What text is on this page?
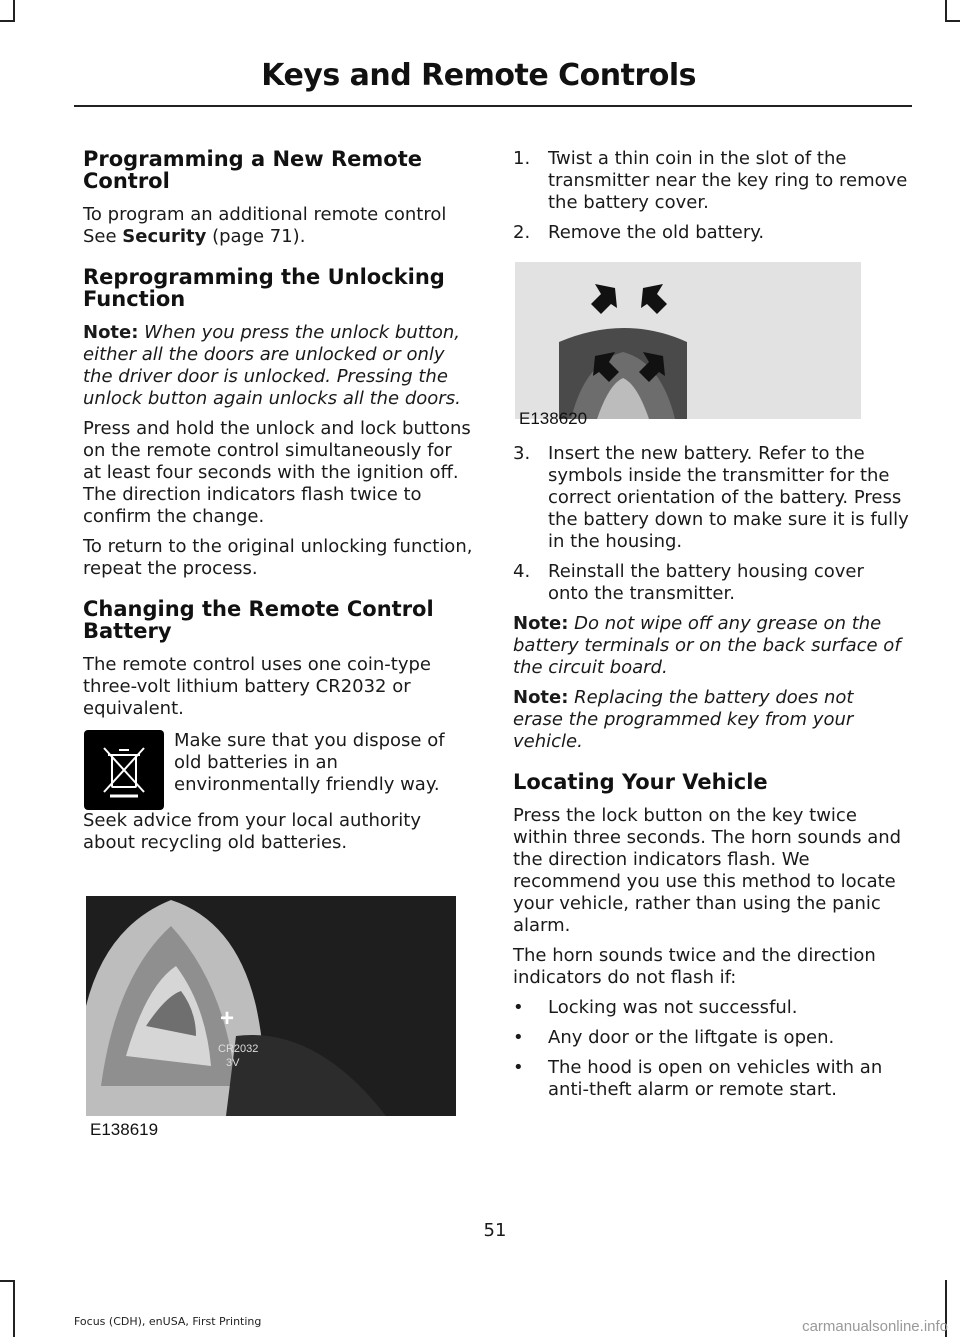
Keys and Remote Controls
Programming a New Remote Control

To program an additional remote control See Security (page 71).

Reprogramming the Unlocking Function

Note: When you press the unlock button, either all the doors are unlocked or only the driver door is unlocked. Pressing the unlock button again unlocks all the doors.

Press and hold the unlock and lock buttons on the remote control simultaneously for at least four seconds with the ignition off. The direction indicators flash twice to confirm the change.

To return to the original unlocking function, repeat the process.

Changing the Remote Control Battery

The remote control uses one coin-type three-volt lithium battery CR2032 or equivalent.

Make sure that you dispose of old batteries in an environmentally friendly way.

Seek advice from your local authority about recycling old batteries.

+
CR2032
3V
E138619
1. Twist a thin coin in the slot of the transmitter near the key ring to remove the battery cover.
2. Remove the old battery.
E138620
3. Insert the new battery. Refer to the symbols inside the transmitter for the correct orientation of the battery. Press the battery down to make sure it is fully in the housing.
4. Reinstall the battery housing cover onto the transmitter.

Note: Do not wipe off any grease on the battery terminals or on the back surface of the circuit board.

Note: Replacing the battery does not erase the programmed key from your vehicle.

Locating Your Vehicle

Press the lock button on the key twice within three seconds. The horn sounds and the direction indicators flash. We recommend you use this method to locate your vehicle, rather than using the panic alarm.

The horn sounds twice and the direction indicators do not flash if:

•	Locking was not successful.
•	Any door or the liftgate is open.
•	The hood is open on vehicles with an anti-theft alarm or remote start.
51
Focus (CDH), enUSA, First Printing	carmanualsonline.info
